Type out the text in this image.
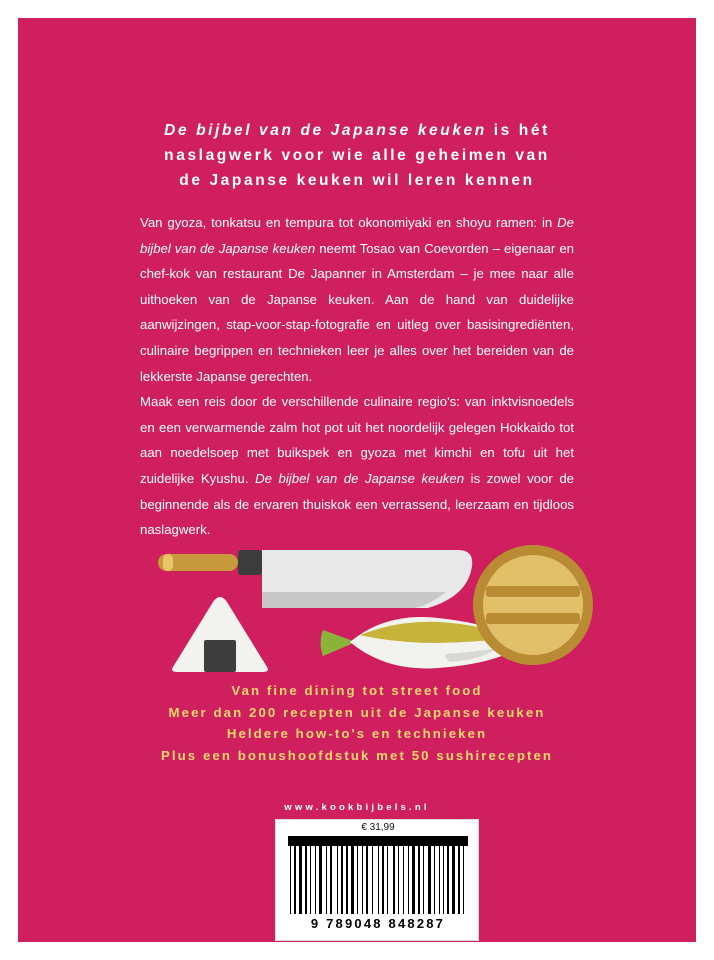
De bijbel van de Japanse keuken is hét
naslagwerk voor wie alle geheimen van
de Japanse keuken wil leren kennen

Van gyoza, tonkatsu en tempura tot okonomiyaki en shoyu ramen: in De bijbel van de Japanse keuken neemt Tosao van Coevorden – eigenaar en chef-kok van restaurant De Japanner in Amsterdam – je mee naar alle uithoeken van de Japanse keuken. Aan de hand van duidelijke aanwijzingen, stap-voor-stap-fotografie en uitleg over basisingrediënten, culinaire begrippen en technieken leer je alles over het bereiden van de lekkerste Japanse gerechten.

Maak een reis door de verschillende culinaire regio's: van inktvisnoedels en een verwarmende zalm hot pot uit het noordelijk gelegen Hokkaido tot aan noedelsoep met buikspek en gyoza met kimchi en tofu uit het zuidelijke Kyushu. De bijbel van de Japanse keuken is zowel voor de beginnende als de ervaren thuiskok een verrassend, leerzaam en tijdloos naslagwerk.

Van fine dining tot street food
Meer dan 200 recepten uit de Japanse keuken
Heldere how-to's en technieken
Plus een bonushoofdstuk met 50 sushirecepten
www.kookbijbels.nl
€ 31,99
9 789048 848287
